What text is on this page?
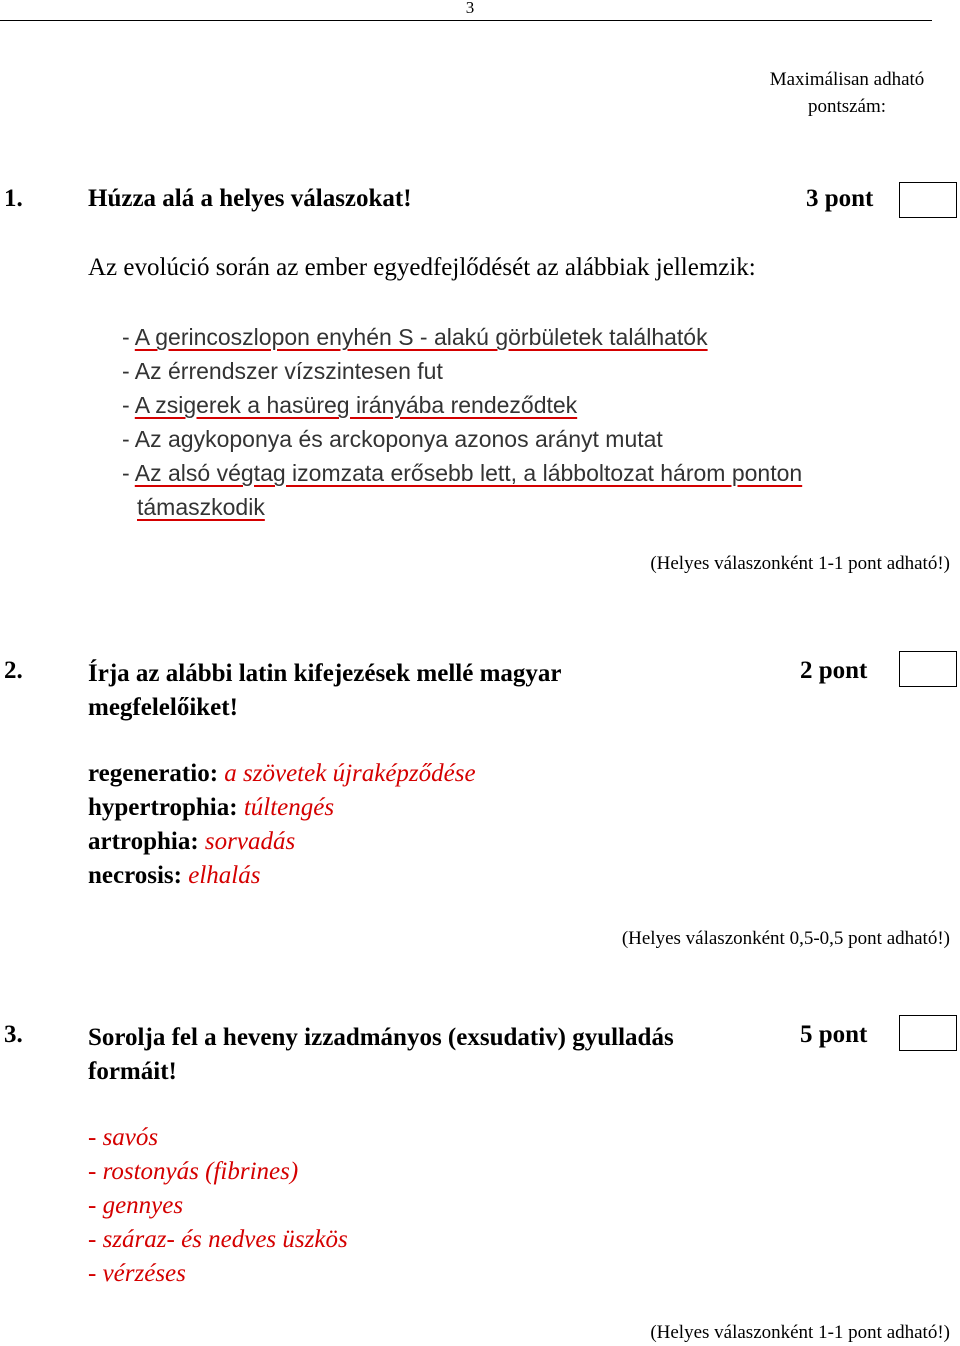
3
Maximálisan adható pontszám:
1.	Húzza alá a helyes válaszokat!	3 pont
Az evolúció során az ember egyedfejlődését az alábbiak jellemzik:
- A gerincoszlopon enyhén S - alakú görbületek találhatók
- Az érrendszer vízszintesen fut
- A zsigerek a hasüreg irányába rendeződtek
- Az agykoponya és arckoponya azonos arányt mutat
- Az alsó végtag izomzata erősebb lett, a lábboltozat három ponton
támaszkodik
(Helyes válaszonként 1-1 pont adható!)
2.	Írja az alábbi latin kifejezések mellé magyar
megfelelőiket!
2 pont
regeneratio: a szövetek újraképződése
hypertrophia: túltengés
artrophia: sorvadás
necrosis: elhalás
(Helyes válaszonként 0,5-0,5 pont adható!)
3.	Sorolja fel a heveny izzadmányos (exsudativ) gyulladás
formáit!
5 pont
- savós
- rostonyás (fibrines)
- gennyes
- száraz- és nedves üszkös
- vérzéses
(Helyes válaszonként 1-1 pont adható!)
